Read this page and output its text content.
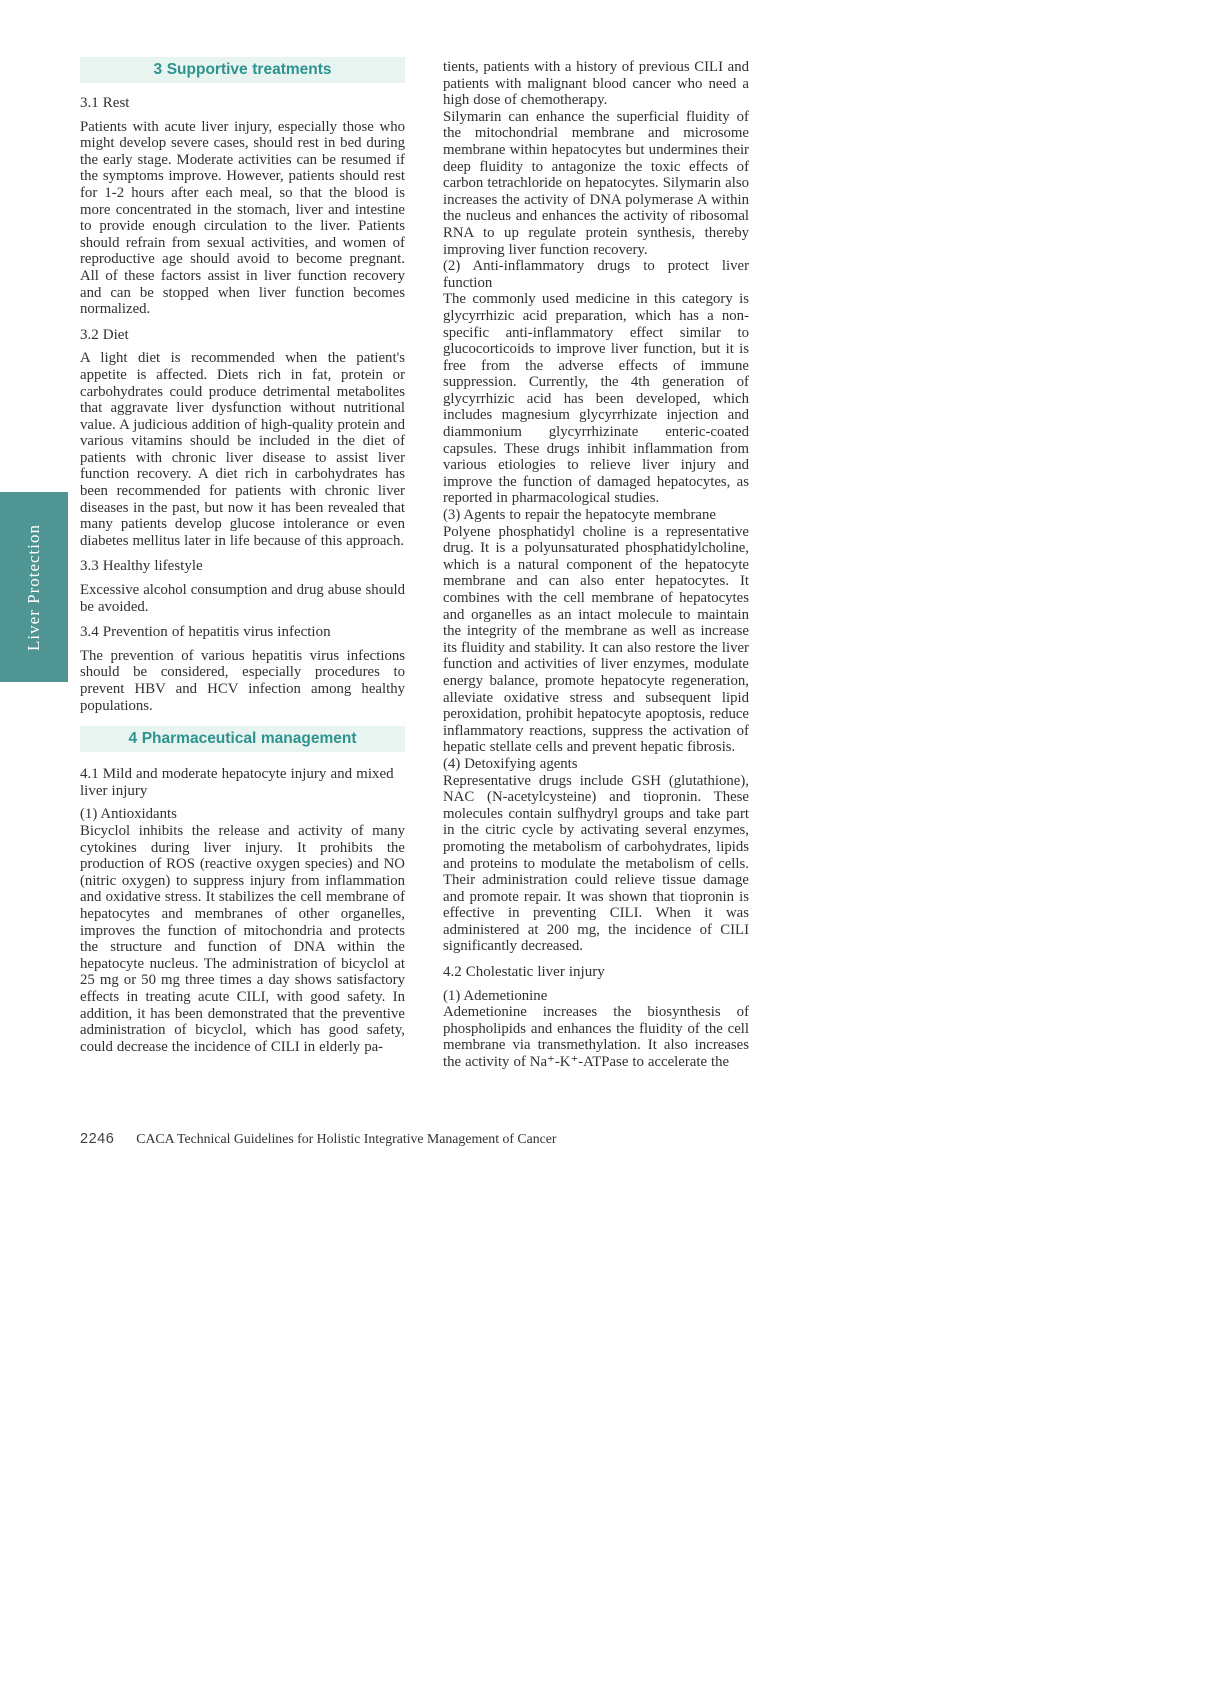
Liver Protection
3 Supportive treatments
3.1 Rest
Patients with acute liver injury, especially those who might develop severe cases, should rest in bed during the early stage. Moderate activities can be resumed if the symptoms improve. However, patients should rest for 1-2 hours after each meal, so that the blood is more concentrated in the stomach, liver and intestine to provide enough circulation to the liver. Patients should refrain from sexual activities, and women of reproductive age should avoid to become pregnant. All of these factors assist in liver function recovery and can be stopped when liver function becomes normalized.
3.2 Diet
A light diet is recommended when the patient's appetite is affected. Diets rich in fat, protein or carbohydrates could produce detrimental metabolites that aggravate liver dysfunction without nutritional value. A judicious addition of high-quality protein and various vitamins should be included in the diet of patients with chronic liver disease to assist liver function recovery. A diet rich in carbohydrates has been recommended for patients with chronic liver diseases in the past, but now it has been revealed that many patients develop glucose intolerance or even diabetes mellitus later in life because of this approach.
3.3 Healthy lifestyle
Excessive alcohol consumption and drug abuse should be avoided.
3.4 Prevention of hepatitis virus infection
The prevention of various hepatitis virus infections should be considered, especially procedures to prevent HBV and HCV infection among healthy populations.
4 Pharmaceutical management
4.1 Mild and moderate hepatocyte injury and mixed liver injury
(1) Antioxidants
Bicyclol inhibits the release and activity of many cytokines during liver injury. It prohibits the production of ROS (reactive oxygen species) and NO (nitric oxygen) to suppress injury from inflammation and oxidative stress. It stabilizes the cell membrane of hepatocytes and membranes of other organelles, improves the function of mitochondria and protects the structure and function of DNA within the hepatocyte nucleus. The administration of bicyclol at 25 mg or 50 mg three times a day shows satisfactory effects in treating acute CILI, with good safety. In addition, it has been demonstrated that the preventive administration of bicyclol, which has good safety, could decrease the incidence of CILI in elderly pa-
tients, patients with a history of previous CILI and patients with malignant blood cancer who need a high dose of chemotherapy.
Silymarin can enhance the superficial fluidity of the mitochondrial membrane and microsome membrane within hepatocytes but undermines their deep fluidity to antagonize the toxic effects of carbon tetrachloride on hepatocytes. Silymarin also increases the activity of DNA polymerase A within the nucleus and enhances the activity of ribosomal RNA to up regulate protein synthesis, thereby improving liver function recovery.
(2) Anti-inflammatory drugs to protect liver function
The commonly used medicine in this category is glycyrrhizic acid preparation, which has a non-specific anti-inflammatory effect similar to glucocorticoids to improve liver function, but it is free from the adverse effects of immune suppression. Currently, the 4th generation of glycyrrhizic acid has been developed, which includes magnesium glycyrrhizate injection and diammonium glycyrrhizinate enteric-coated capsules. These drugs inhibit inflammation from various etiologies to relieve liver injury and improve the function of damaged hepatocytes, as reported in pharmacological studies.
(3) Agents to repair the hepatocyte membrane
Polyene phosphatidyl choline is a representative drug. It is a polyunsaturated phosphatidylcholine, which is a natural component of the hepatocyte membrane and can also enter hepatocytes. It combines with the cell membrane of hepatocytes and organelles as an intact molecule to maintain the integrity of the membrane as well as increase its fluidity and stability. It can also restore the liver function and activities of liver enzymes, modulate energy balance, promote hepatocyte regeneration, alleviate oxidative stress and subsequent lipid peroxidation, prohibit hepatocyte apoptosis, reduce inflammatory reactions, suppress the activation of hepatic stellate cells and prevent hepatic fibrosis.
(4) Detoxifying agents
Representative drugs include GSH (glutathione), NAC (N-acetylcysteine) and tiopronin. These molecules contain sulfhydryl groups and take part in the citric cycle by activating several enzymes, promoting the metabolism of carbohydrates, lipids and proteins to modulate the metabolism of cells. Their administration could relieve tissue damage and promote repair. It was shown that tiopronin is effective in preventing CILI. When it was administered at 200 mg, the incidence of CILI significantly decreased.
4.2 Cholestatic liver injury
(1) Ademetionine
Ademetionine increases the biosynthesis of phospholipids and enhances the fluidity of the cell membrane via transmethylation. It also increases the activity of Na⁺-K⁺-ATPase to accelerate the
2246 CACA Technical Guidelines for Holistic Integrative Management of Cancer
